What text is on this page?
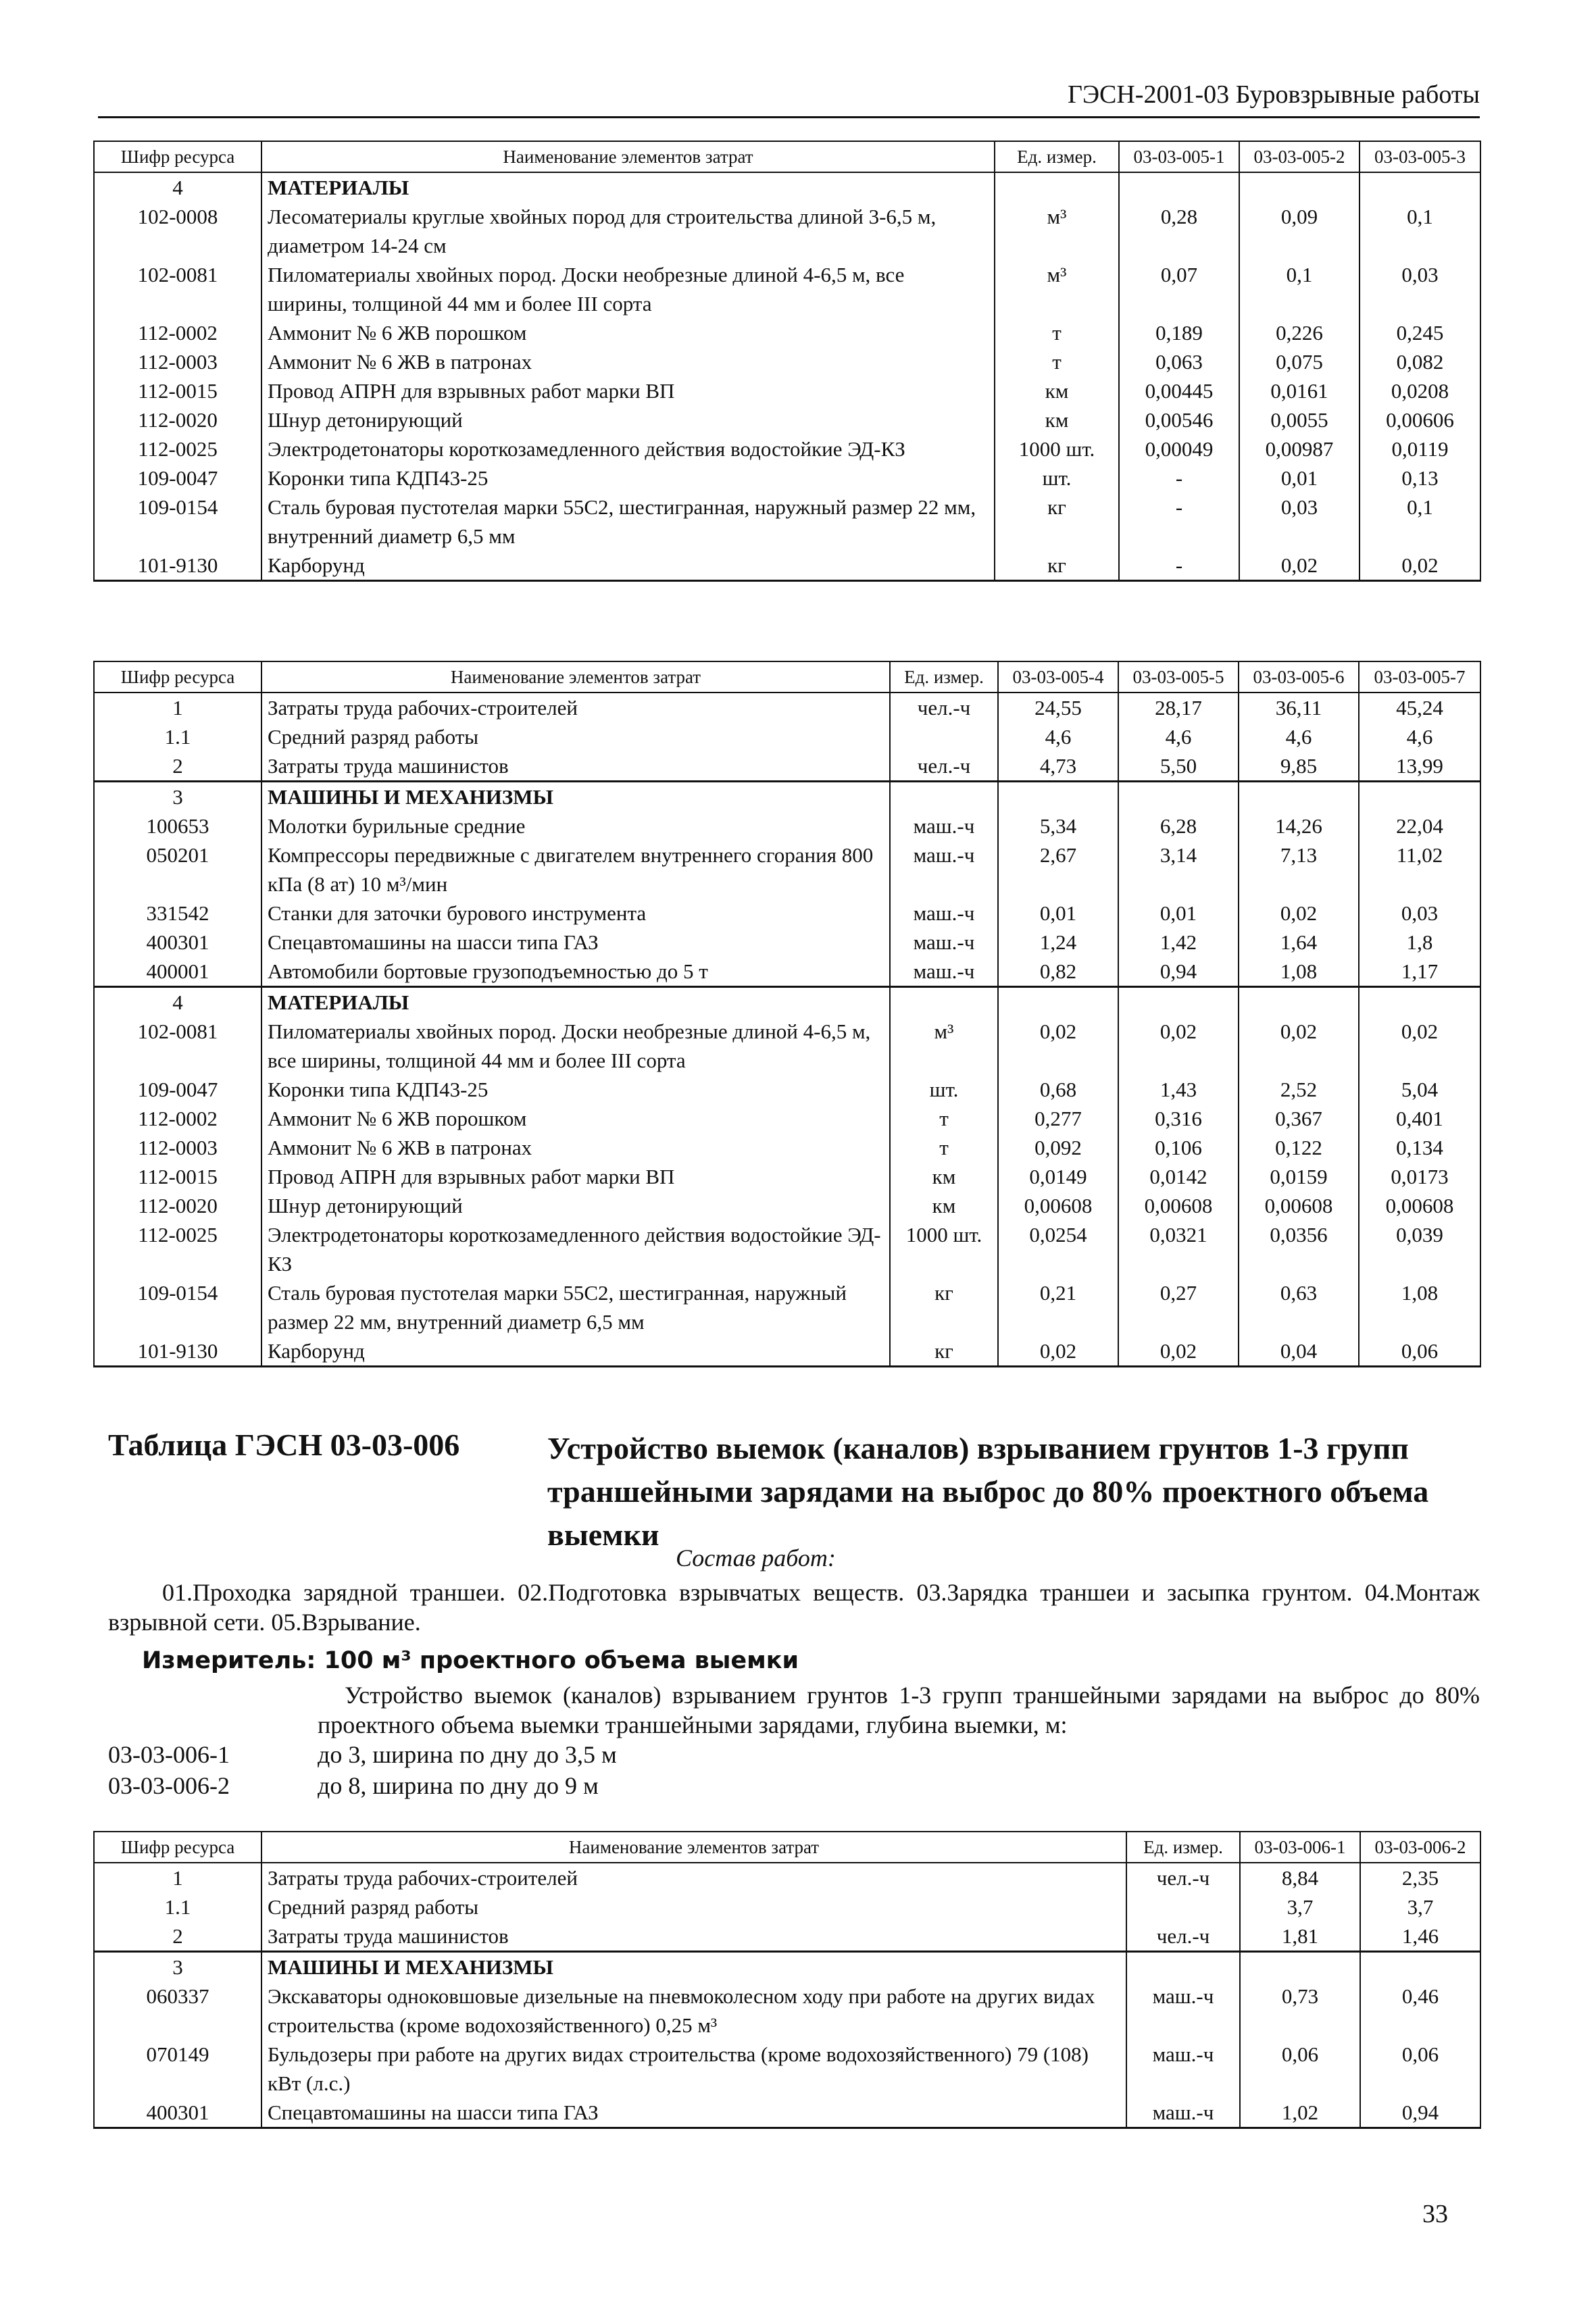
ГЭСН-2001-03 Буровзрывные работы
Шифр ресурса	Наименование элементов затрат	Ед. измер.	03-03-005-1	03-03-005-2	03-03-005-3
4	МАТЕРИАЛЫ				
102-0008	Лесоматериалы круглые хвойных пород для строительства длиной 3-6,5 м, диаметром 14-24 см	м³	0,28	0,09	0,1
102-0081	Пиломатериалы хвойных пород. Доски необрезные длиной 4-6,5 м, все ширины, толщиной 44 мм и более III сорта	м³	0,07	0,1	0,03
112-0002	Аммонит № 6 ЖВ порошком	т	0,189	0,226	0,245
112-0003	Аммонит № 6 ЖВ в патронах	т	0,063	0,075	0,082
112-0015	Провод АПРН для взрывных работ марки ВП	км	0,00445	0,0161	0,0208
112-0020	Шнур детонирующий	км	0,00546	0,0055	0,00606
112-0025	Электродетонаторы короткозамедленного действия водостойкие ЭД-КЗ	1000 шт.	0,00049	0,00987	0,0119
109-0047	Коронки типа КДП43-25	шт.	-	0,01	0,13
109-0154	Сталь буровая пустотелая марки 55С2, шестигранная, наружный размер 22 мм, внутренний диаметр 6,5 мм	кг	-	0,03	0,1
101-9130	Карборунд	кг	-	0,02	0,02
Шифр ресурса	Наименование элементов затрат	Ед. измер.	03-03-005-4	03-03-005-5	03-03-005-6	03-03-005-7
1	Затраты труда рабочих-строителей	чел.-ч	24,55	28,17	36,11	45,24
1.1	Средний разряд работы		4,6	4,6	4,6	4,6
2	Затраты труда машинистов	чел.-ч	4,73	5,50	9,85	13,99
3	МАШИНЫ И МЕХАНИЗМЫ					
100653	Молотки бурильные средние	маш.-ч	5,34	6,28	14,26	22,04
050201	Компрессоры передвижные с двигателем внутреннего сгорания 800 кПа (8 ат) 10 м³/мин	маш.-ч	2,67	3,14	7,13	11,02
331542	Станки для заточки бурового инструмента	маш.-ч	0,01	0,01	0,02	0,03
400301	Спецавтомашины на шасси типа ГАЗ	маш.-ч	1,24	1,42	1,64	1,8
400001	Автомобили бортовые грузоподъемностью до 5 т	маш.-ч	0,82	0,94	1,08	1,17
4	МАТЕРИАЛЫ					
102-0081	Пиломатериалы хвойных пород. Доски необрезные длиной 4-6,5 м, все ширины, толщиной 44 мм и более III сорта	м³	0,02	0,02	0,02	0,02
109-0047	Коронки типа КДП43-25	шт.	0,68	1,43	2,52	5,04
112-0002	Аммонит № 6 ЖВ порошком	т	0,277	0,316	0,367	0,401
112-0003	Аммонит № 6 ЖВ в патронах	т	0,092	0,106	0,122	0,134
112-0015	Провод АПРН для взрывных работ марки ВП	км	0,0149	0,0142	0,0159	0,0173
112-0020	Шнур детонирующий	км	0,00608	0,00608	0,00608	0,00608
112-0025	Электродетонаторы короткозамедленного действия водостойкие ЭД-КЗ	1000 шт.	0,0254	0,0321	0,0356	0,039
109-0154	Сталь буровая пустотелая марки 55С2, шестигранная, наружный размер 22 мм, внутренний диаметр 6,5 мм	кг	0,21	0,27	0,63	1,08
101-9130	Карборунд	кг	0,02	0,02	0,04	0,06
Таблица ГЭСН 03-03-006	Устройство выемок (каналов) взрыванием грунтов 1-3 групп траншейными зарядами на выброс до 80% проектного объема выемки
Состав работ:
01.Проходка зарядной траншеи. 02.Подготовка взрывчатых веществ. 03.Зарядка траншеи и засыпка грунтом. 04.Монтаж взрывной сети. 05.Взрывание.
Измеритель: 100 м³ проектного объема выемки
Устройство выемок (каналов) взрыванием грунтов 1-3 групп траншейными зарядами на выброс до 80% проектного объема выемки траншейными зарядами, глубина выемки, м:
03-03-006-1	до 3, ширина по дну до 3,5 м
03-03-006-2	до 8, ширина по дну до 9 м
Шифр ресурса	Наименование элементов затрат	Ед. измер.	03-03-006-1	03-03-006-2
1	Затраты труда рабочих-строителей	чел.-ч	8,84	2,35
1.1	Средний разряд работы		3,7	3,7
2	Затраты труда машинистов	чел.-ч	1,81	1,46
3	МАШИНЫ И МЕХАНИЗМЫ			
060337	Экскаваторы одноковшовые дизельные на пневмоколесном ходу при работе на других видах строительства (кроме водохозяйственного) 0,25 м³	маш.-ч	0,73	0,46
070149	Бульдозеры при работе на других видах строительства (кроме водохозяйственного) 79 (108) кВт (л.с.)	маш.-ч	0,06	0,06
400301	Спецавтомашины на шасси типа ГАЗ	маш.-ч	1,02	0,94
33
